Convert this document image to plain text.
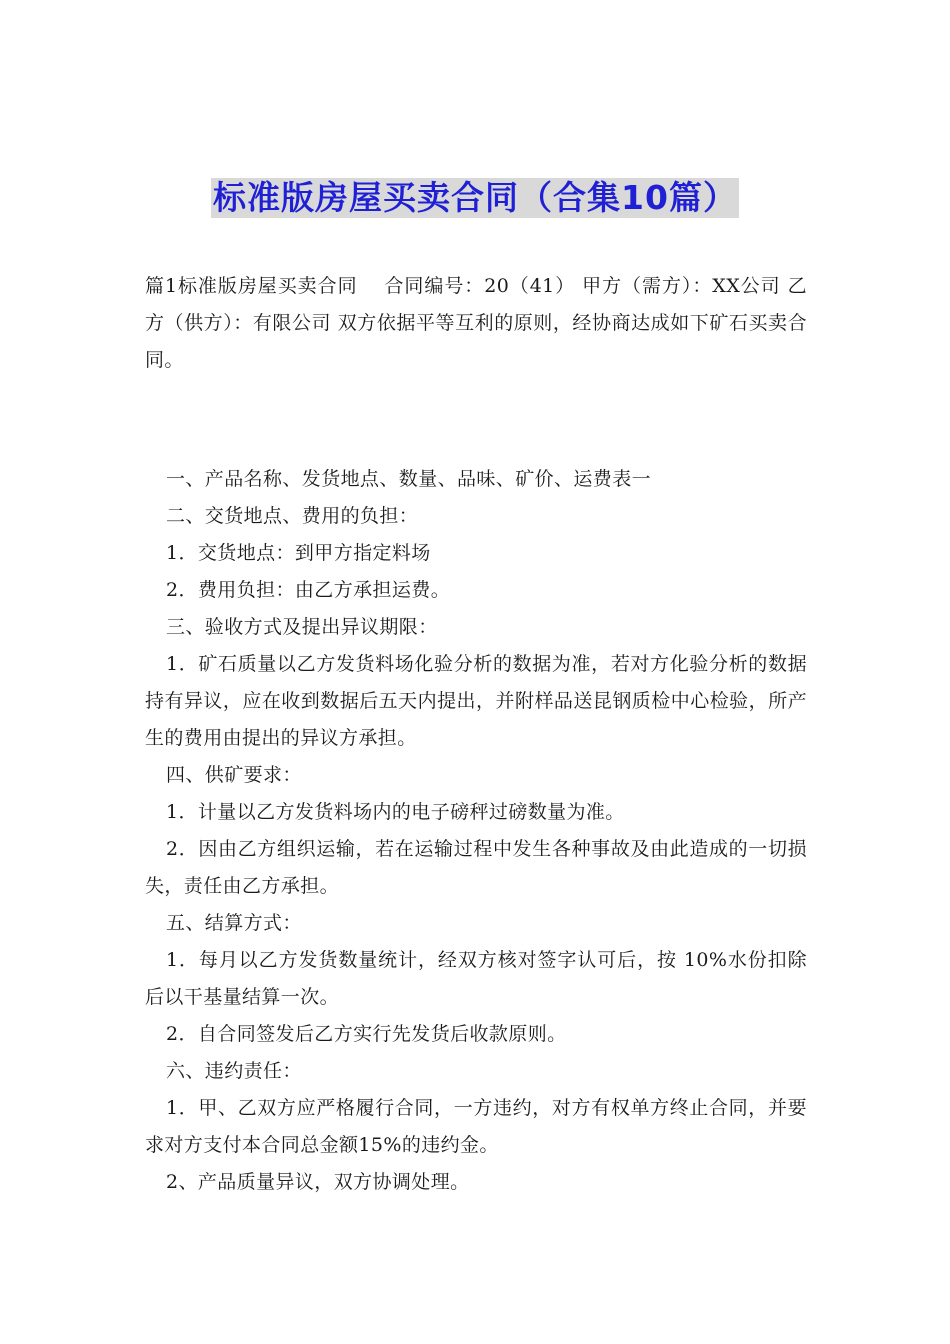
标准版房屋买卖合同（合集10篇）

篇1标准版房屋买卖合同　 合同编号：20（41） 甲方（需方）：XX公司 乙方（供方）：有限公司 双方依据平等互利的原则，经协商达成如下矿石买卖合同。

一、产品名称、发货地点、数量、品味、矿价、运费表一

二、交货地点、费用的负担：

1．交货地点：到甲方指定料场

2．费用负担：由乙方承担运费。

三、验收方式及提出异议期限：

1．矿石质量以乙方发货料场化验分析的数据为准，若对方化验分析的数据持有异议，应在收到数据后五天内提出，并附样品送昆钢质检中心检验，所产生的费用由提出的异议方承担。

四、供矿要求：

1．计量以乙方发货料场内的电子磅秤过磅数量为准。

2．因由乙方组织运输，若在运输过程中发生各种事故及由此造成的一切损失，责任由乙方承担。

五、结算方式：

1．每月以乙方发货数量统计，经双方核对签字认可后，按 10%水份扣除后以干基量结算一次。

2．自合同签发后乙方实行先发货后收款原则。

六、违约责任：

1．甲、乙双方应严格履行合同，一方违约，对方有权单方终止合同，并要求对方支付本合同总金额15%的违约金。

2、产品质量异议，双方协调处理。
